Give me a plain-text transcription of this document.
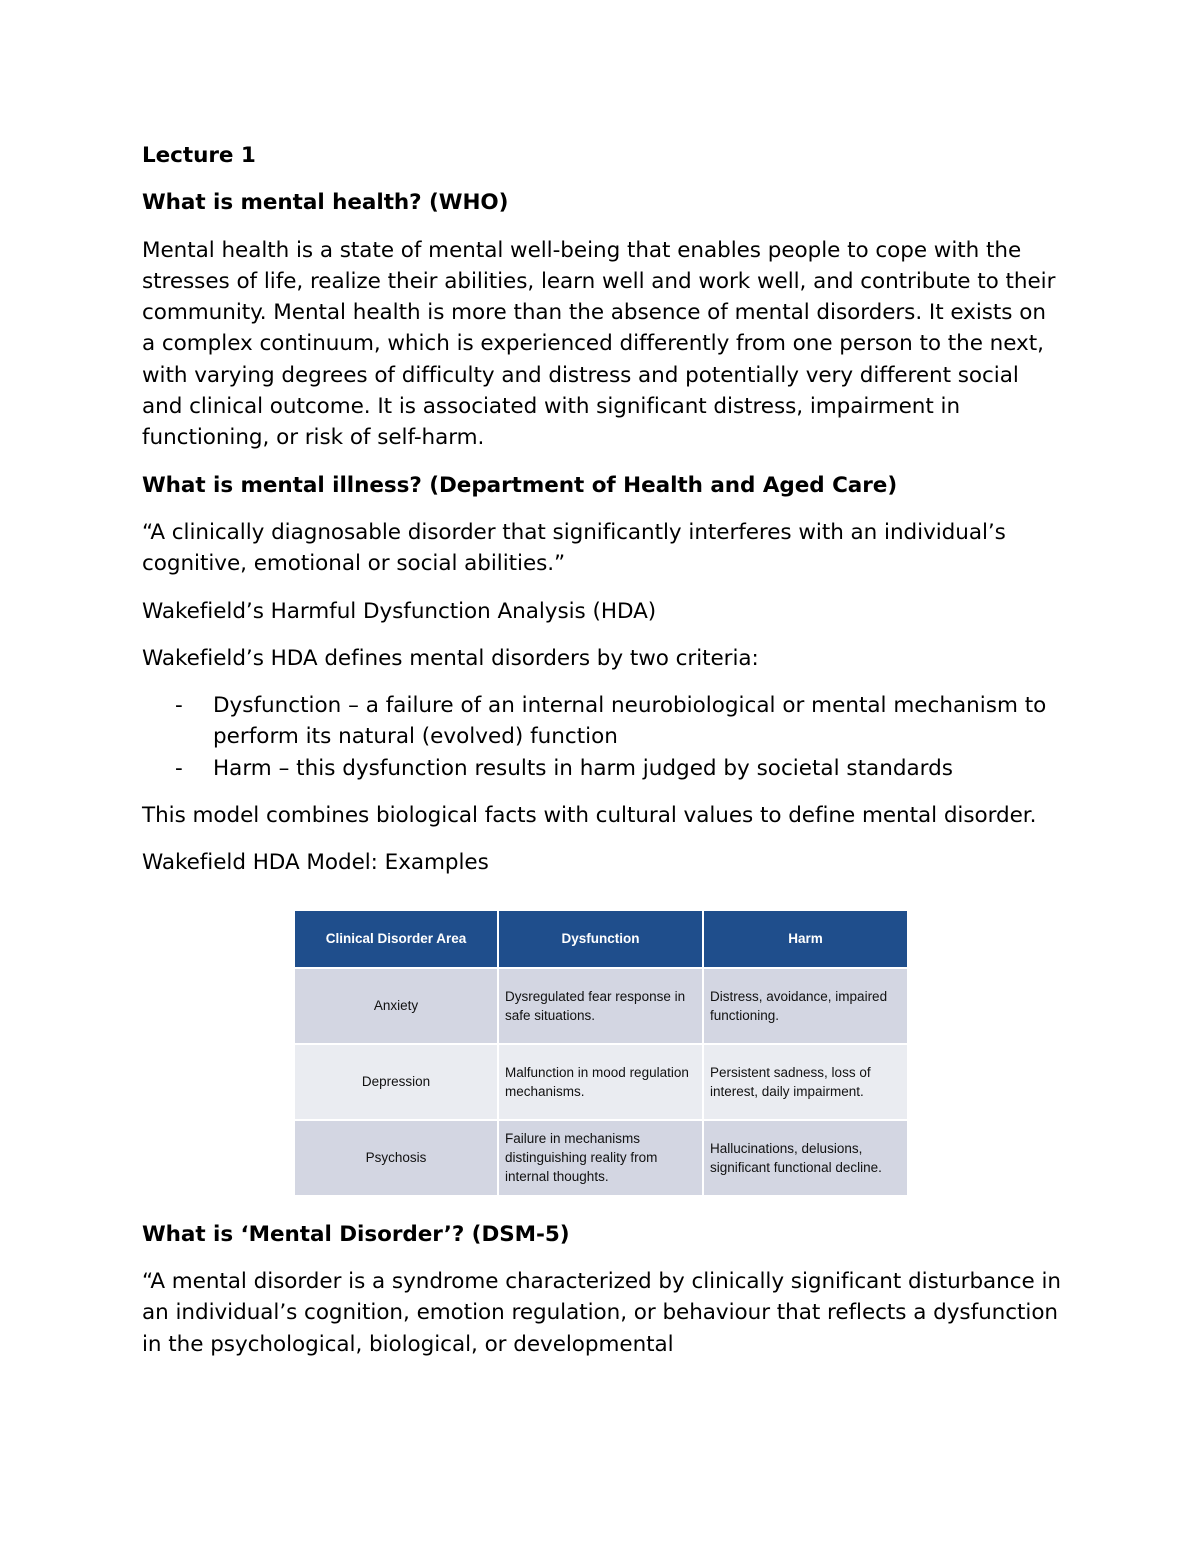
Lecture 1

What is mental health? (WHO)

Mental health is a state of mental well-being that enables people to cope with the stresses of life, realize their abilities, learn well and work well, and contribute to their community. Mental health is more than the absence of mental disorders. It exists on a complex continuum, which is experienced differently from one person to the next, with varying degrees of difficulty and distress and potentially very different social and clinical outcome. It is associated with significant distress, impairment in functioning, or risk of self-harm.

What is mental illness? (Department of Health and Aged Care)

“A clinically diagnosable disorder that significantly interferes with an individual’s cognitive, emotional or social abilities.”

Wakefield’s Harmful Dysfunction Analysis (HDA)

Wakefield’s HDA defines mental disorders by two criteria:

- Dysfunction – a failure of an internal neurobiological or mental mechanism to perform its natural (evolved) function
- Harm – this dysfunction results in harm judged by societal standards

This model combines biological facts with cultural values to define mental disorder.

Wakefield HDA Model: Examples

Clinical Disorder Area	Dysfunction	Harm
Anxiety	Dysregulated fear response in safe situations.	Distress, avoidance, impaired functioning.
Depression	Malfunction in mood regulation mechanisms.	Persistent sadness, loss of interest, daily impairment.
Psychosis	Failure in mechanisms distinguishing reality from internal thoughts.	Hallucinations, delusions, significant functional decline.

What is ‘Mental Disorder’? (DSM-5)

“A mental disorder is a syndrome characterized by clinically significant disturbance in an individual’s cognition, emotion regulation, or behaviour that reflects a dysfunction in the psychological, biological, or developmental
